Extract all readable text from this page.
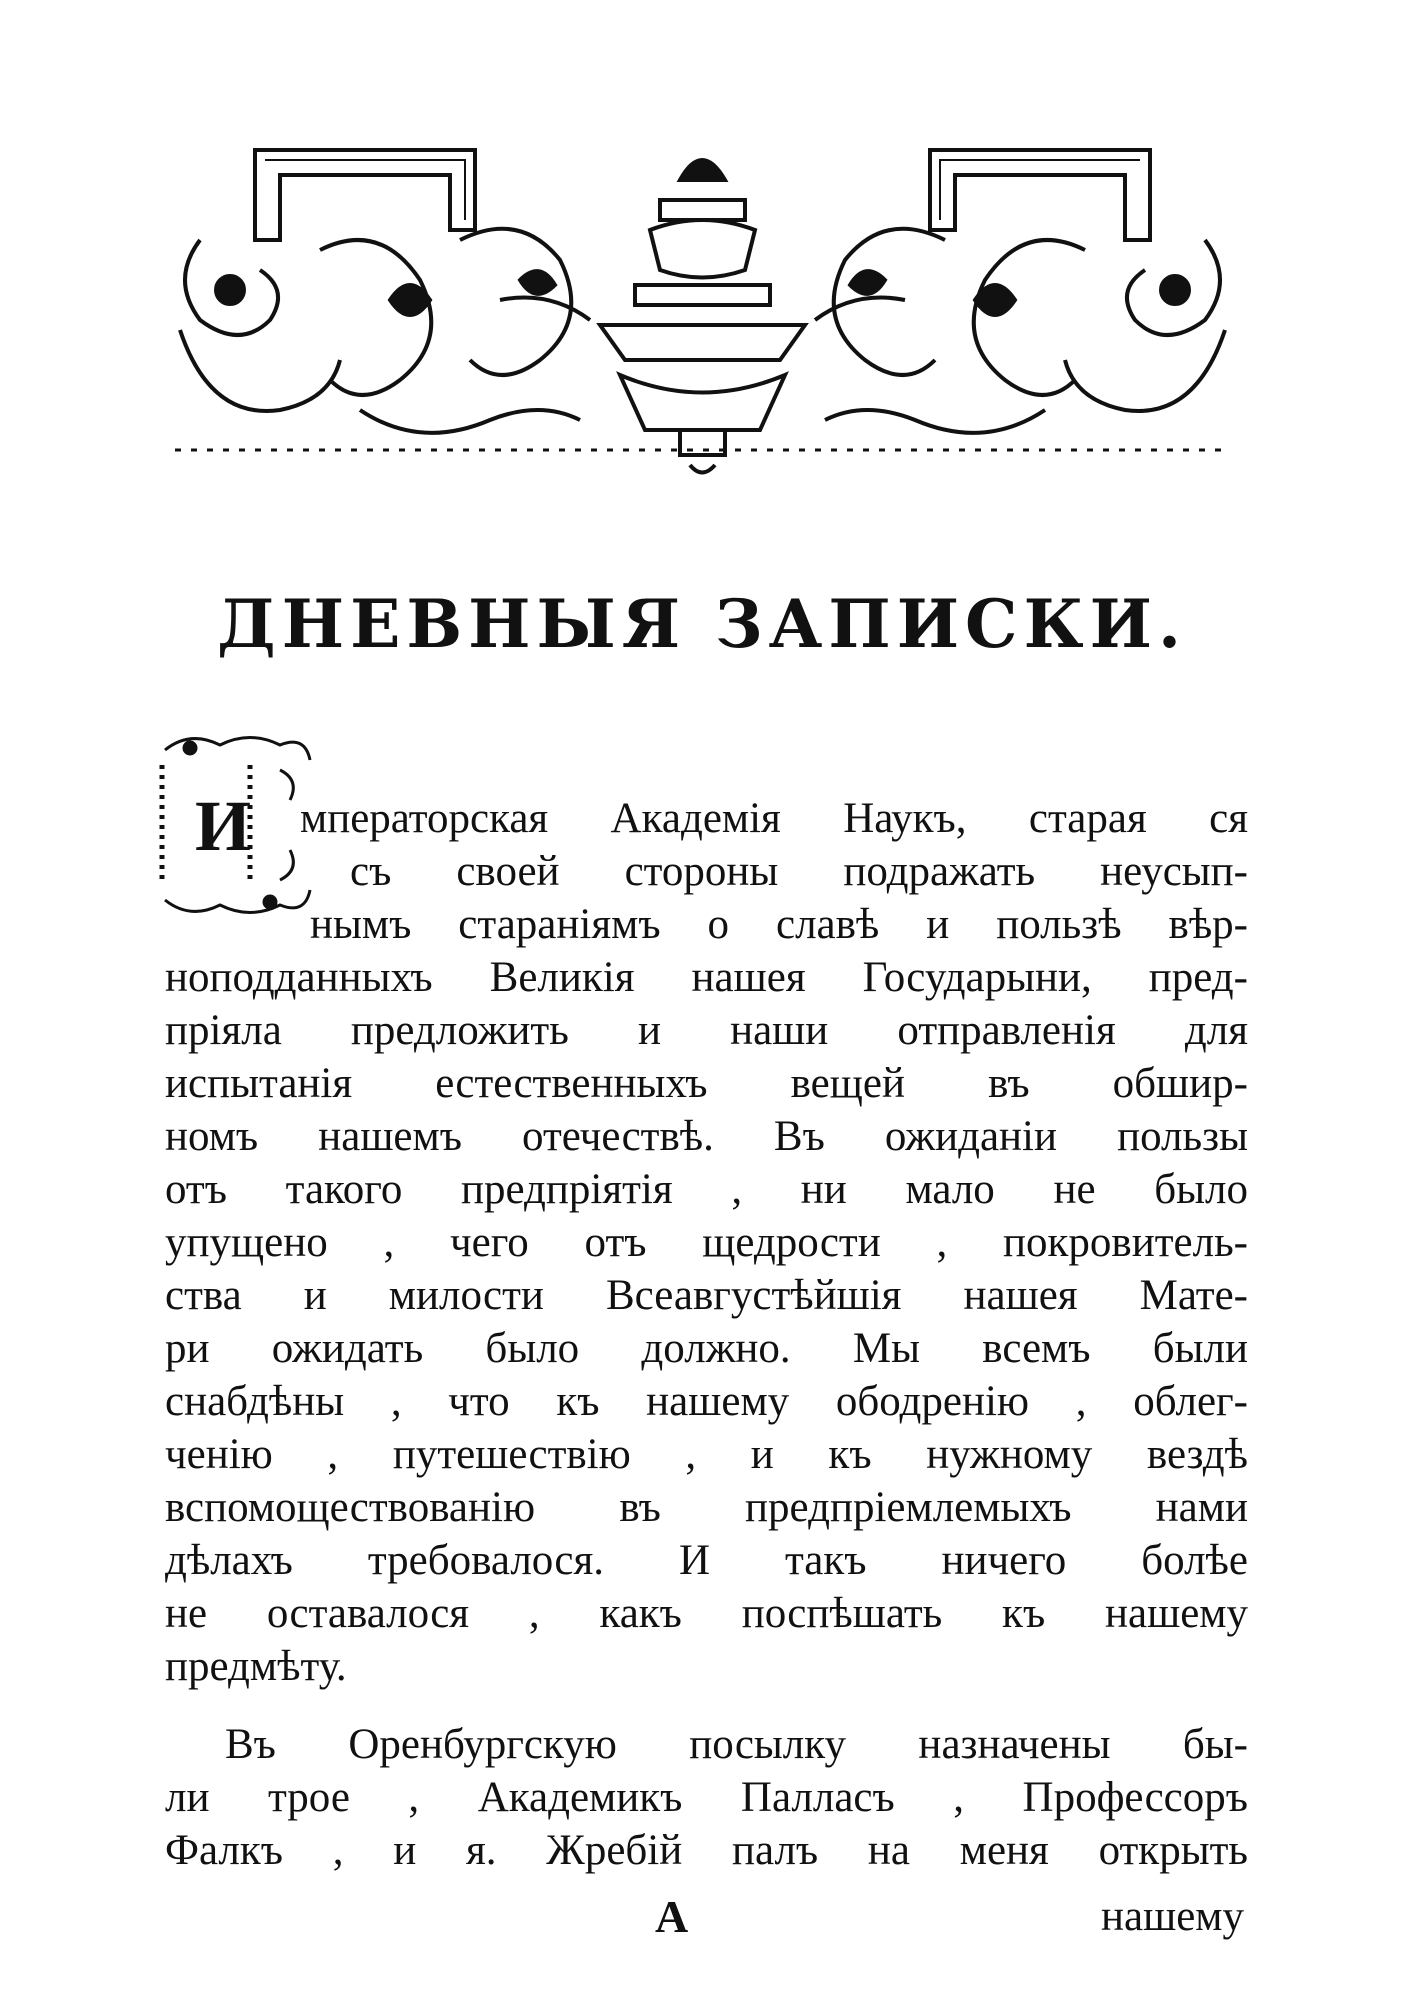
ДНЕВНЫЯ ЗАПИСКИ.
И мператорская Академія Наукъ, старая ся
съ своей стороны подражать неусып-
нымъ стараніямъ о славѣ и пользѣ вѣр-
ноподданныхъ Великія нашея Государыни, пред-
пріяла предложить и наши отправленія для
испытанія естественныхъ вещей въ обшир-
номъ нашемъ отечествѣ. Въ ожиданіи пользы
отъ такого предпріятія , ни мало не было
упущено , чего отъ щедрости , покровитель-
ства и милости Всеавгустѣйшія нашея Мате-
ри ожидать было должно. Мы всемъ были
снабдѣны , что къ нашему ободренію , облег-
ченію , путешествію , и къ нужному вездѣ
вспомоществованію въ предпріемлемыхъ нами
дѣлахъ требовалося. И такъ ничего болѣе
не оставалося , какъ поспѣшать къ нашему
предмѣту.
Въ Оренбургскую посылку назначены бы-
ли трое , Академикъ Палласъ , Профессоръ
Фалкъ , и я. Жребій палъ на меня открыть
A	нашему
